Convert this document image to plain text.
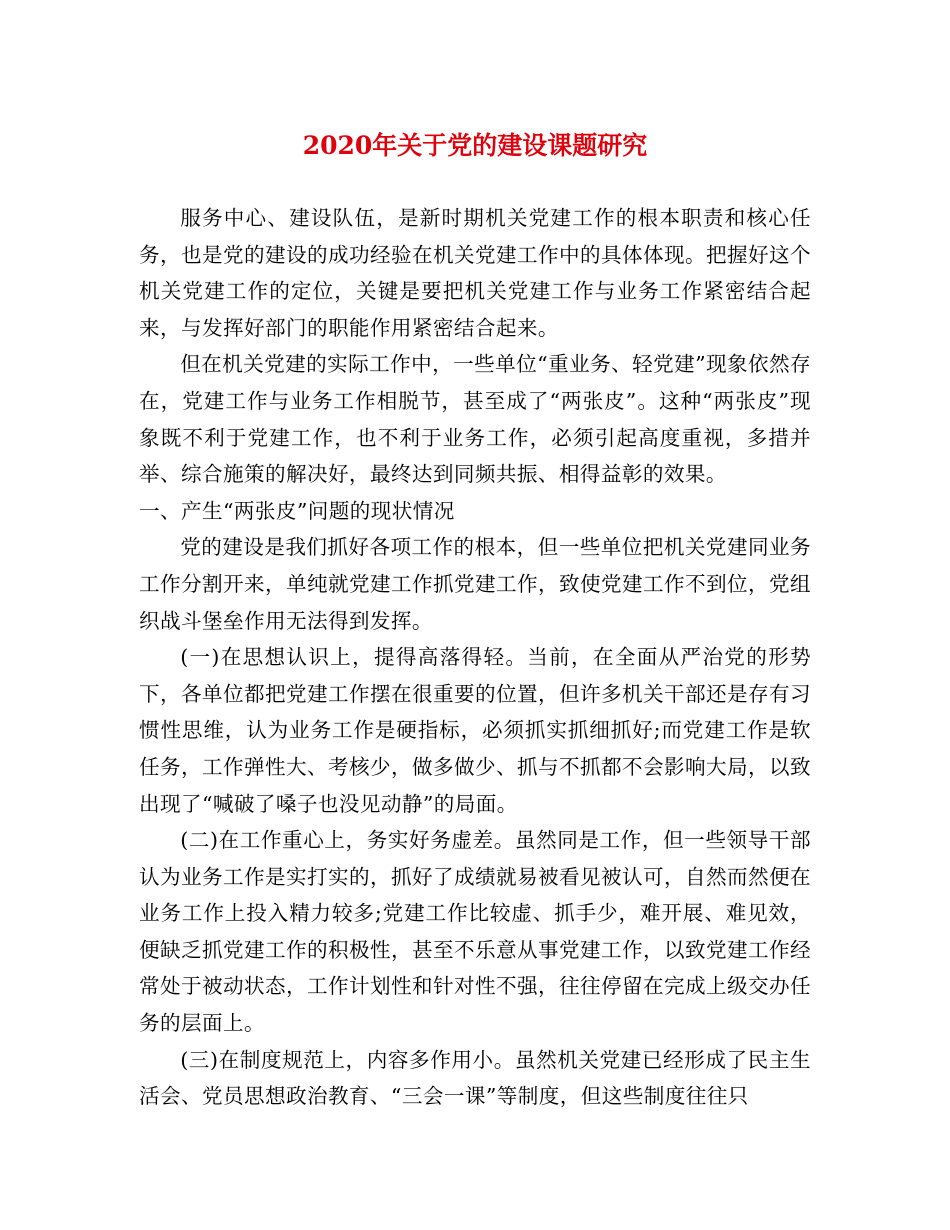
2020年关于党的建设课题研究

服务中心、建设队伍，是新时期机关党建工作的根本职责和核心任务，也是党的建设的成功经验在机关党建工作中的具体体现。把握好这个机关党建工作的定位，关键是要把机关党建工作与业务工作紧密结合起来，与发挥好部门的职能作用紧密结合起来。

但在机关党建的实际工作中，一些单位“重业务、轻党建”现象依然存在，党建工作与业务工作相脱节，甚至成了“两张皮”。这种“两张皮”现象既不利于党建工作，也不利于业务工作，必须引起高度重视，多措并举、综合施策的解决好，最终达到同频共振、相得益彰的效果。

一、产生“两张皮”问题的现状情况

党的建设是我们抓好各项工作的根本，但一些单位把机关党建同业务工作分割开来，单纯就党建工作抓党建工作，致使党建工作不到位，党组织战斗堡垒作用无法得到发挥。

(一)在思想认识上，提得高落得轻。当前，在全面从严治党的形势下，各单位都把党建工作摆在很重要的位置，但许多机关干部还是存有习惯性思维，认为业务工作是硬指标，必须抓实抓细抓好;而党建工作是软任务，工作弹性大、考核少，做多做少、抓与不抓都不会影响大局，以致出现了“喊破了嗓子也没见动静”的局面。

(二)在工作重心上，务实好务虚差。虽然同是工作，但一些领导干部认为业务工作是实打实的，抓好了成绩就易被看见被认可，自然而然便在业务工作上投入精力较多;党建工作比较虚、抓手少，难开展、难见效，便缺乏抓党建工作的积极性，甚至不乐意从事党建工作，以致党建工作经常处于被动状态，工作计划性和针对性不强，往往停留在完成上级交办任务的层面上。

(三)在制度规范上，内容多作用小。虽然机关党建已经形成了民主生活会、党员思想政治教育、“三会一课”等制度，但这些制度往往只
